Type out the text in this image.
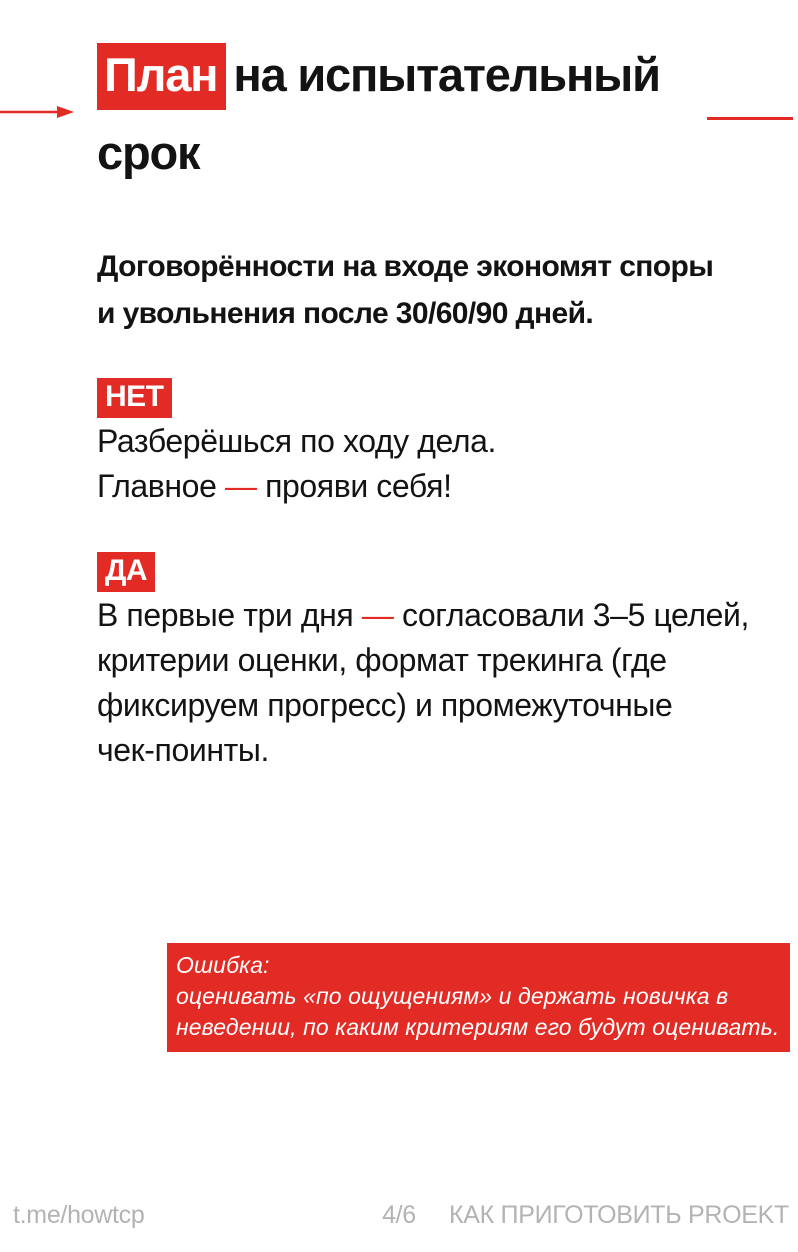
План на испытательный
срок

Договорённости на входе экономят споры
и увольнения после 30/60/90 дней.

НЕТ
Разберёшься по ходу дела.
Главное — прояви себя!
ДА
В первые три дня — согласовали 3–5 целей,
критерии оценки, формат трекинга (где
фиксируем прогресс) и промежуточные
чек-поинты.
Ошибка:
оценивать «по ощущениям» и держать новичка в
неведении, по каким критериям его будут оценивать.
t.me/howtcp	4/6	КАК ПРИГОТОВИТЬ PROEKT
